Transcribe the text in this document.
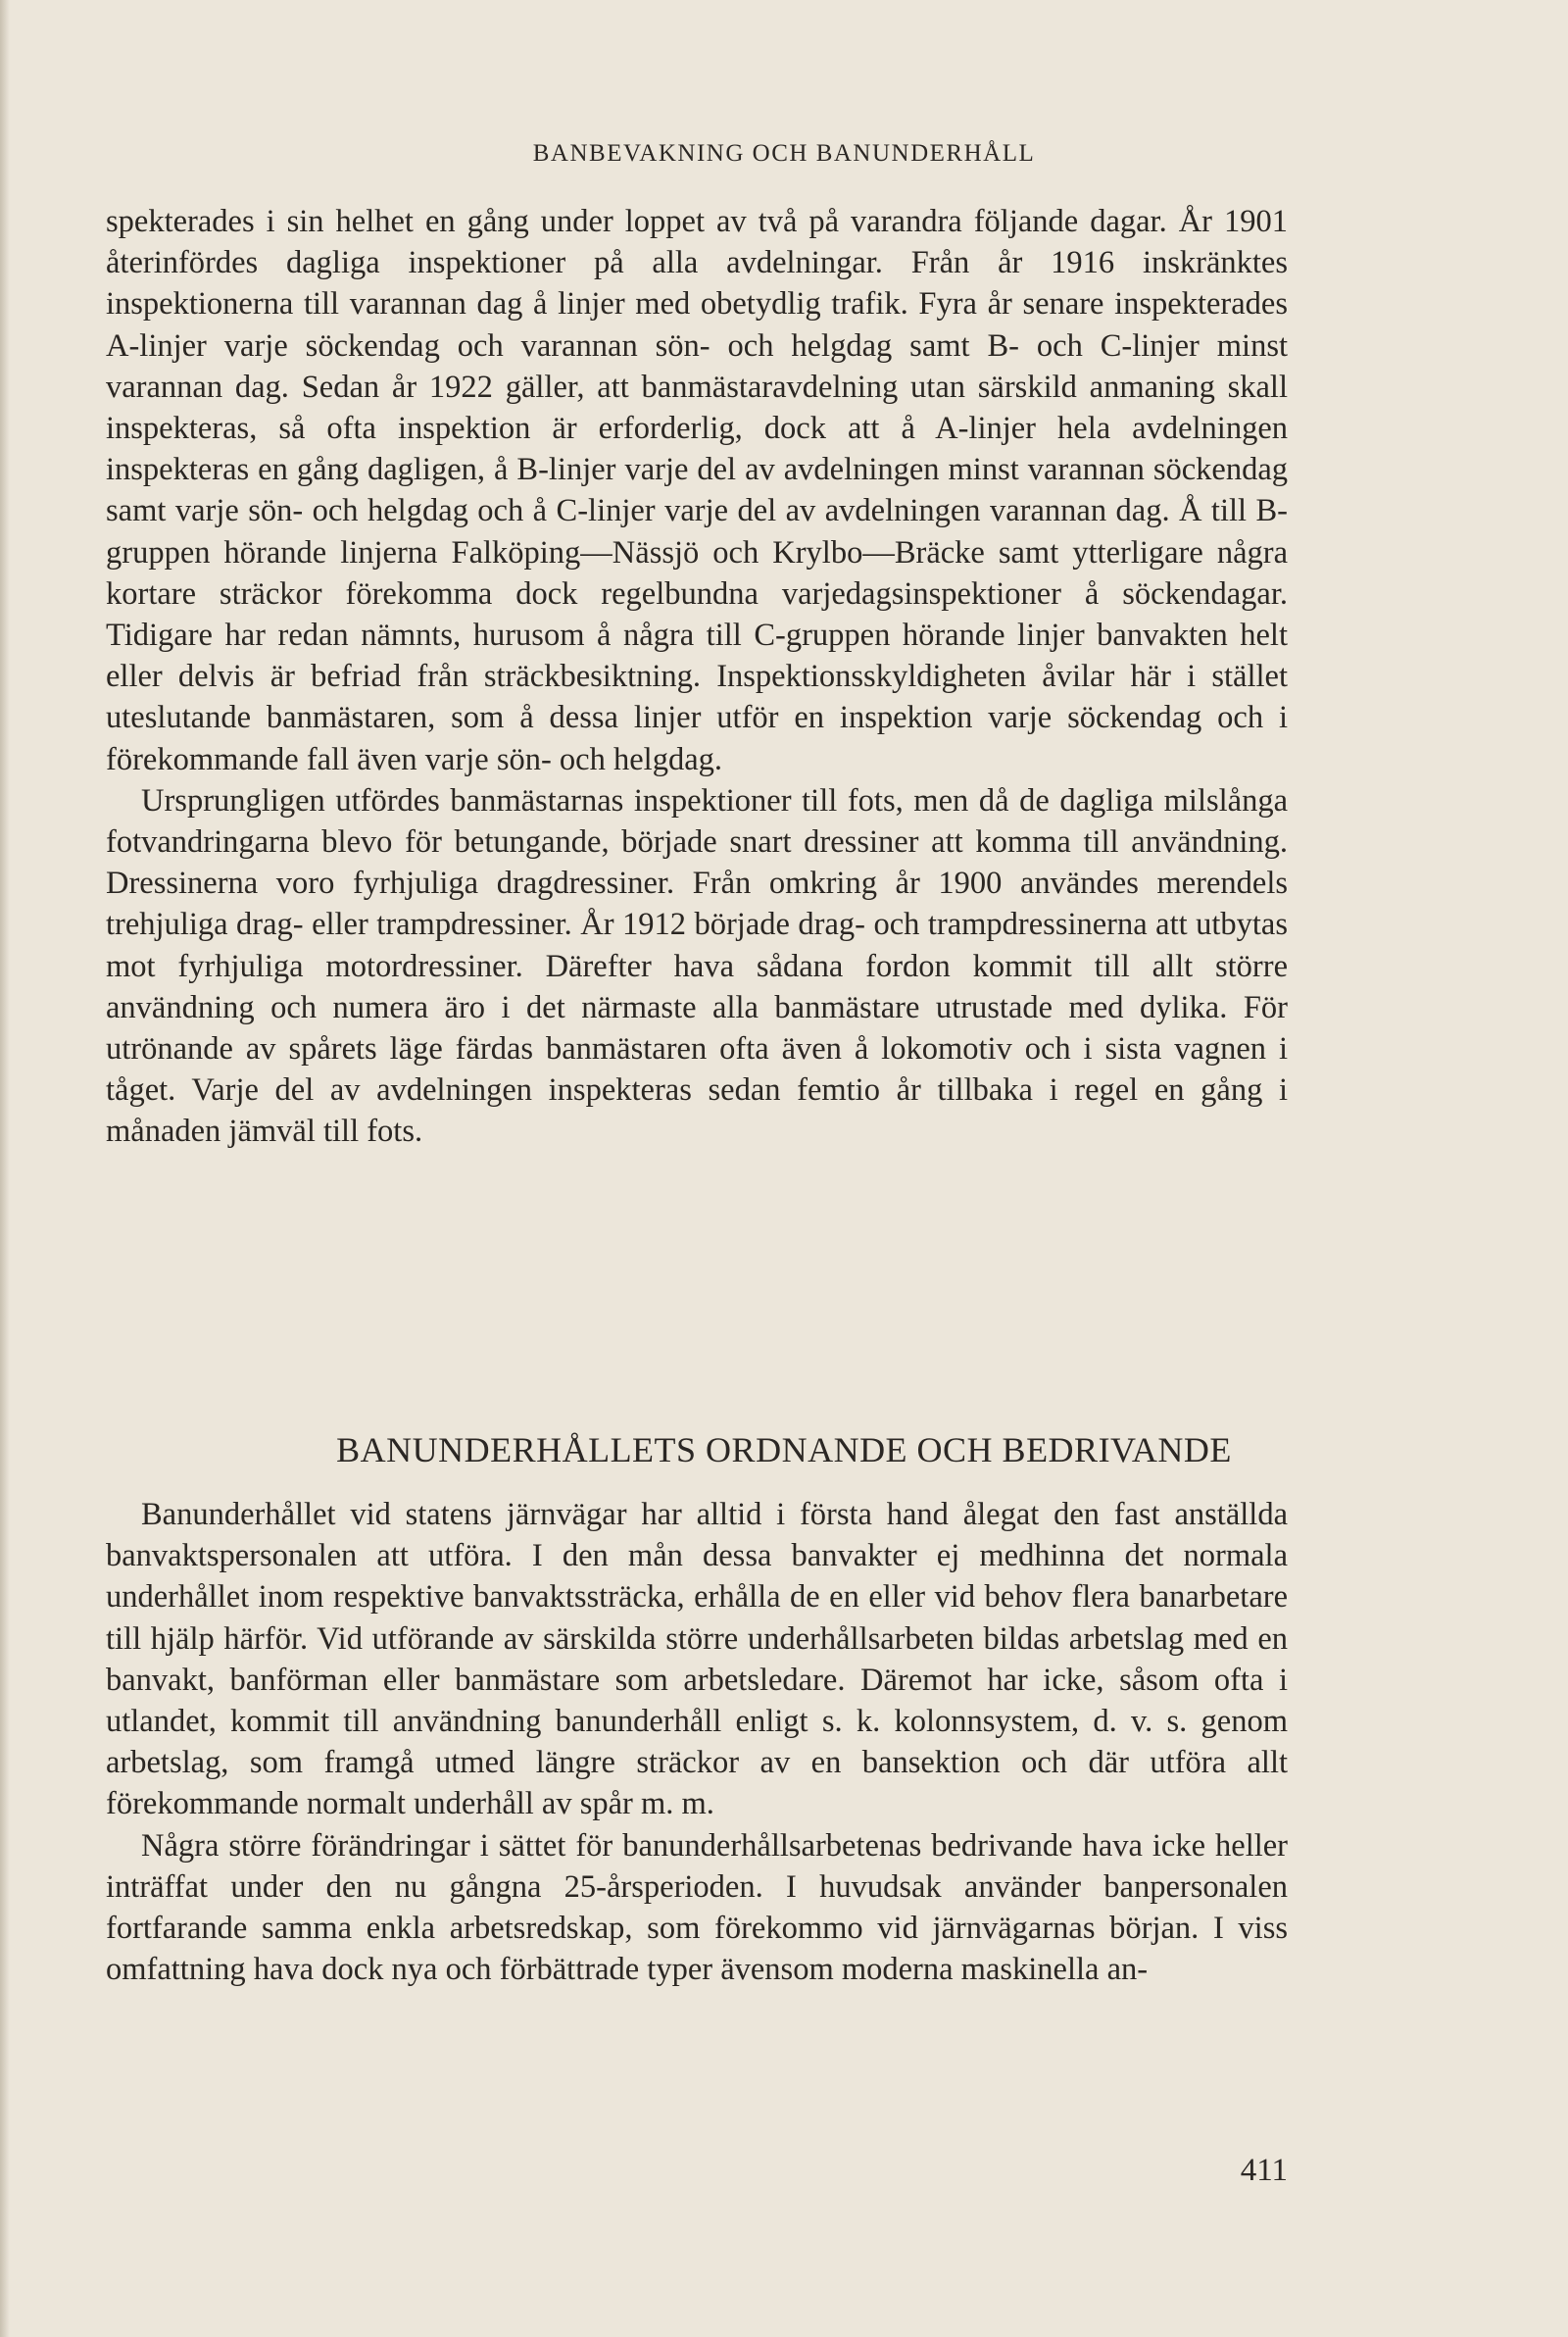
BANBEVAKNING OCH BANUNDERHÅLL

spekterades i sin helhet en gång under loppet av två på varandra följande dagar. År 1901 återinfördes dagliga inspektioner på alla avdelningar. Från år 1916 inskränktes inspektionerna till varannan dag å linjer med obetydlig trafik. Fyra år senare inspekterades A-linjer varje söckendag och varannan sön- och helgdag samt B- och C-linjer minst varannan dag. Sedan år 1922 gäller, att banmästaravdelning utan särskild anmaning skall inspekteras, så ofta inspektion är erforderlig, dock att å A-linjer hela avdelningen inspekteras en gång dagligen, å B-linjer varje del av avdelningen minst varannan söckendag samt varje sön- och helgdag och å C-linjer varje del av avdelningen varannan dag. Å till B-gruppen hörande linjerna Falköping—Nässjö och Krylbo—Bräcke samt ytterligare några kortare sträckor förekomma dock regelbundna varjedagsinspektioner å söckendagar. Tidigare har redan nämnts, hurusom å några till C-gruppen hörande linjer banvakten helt eller delvis är befriad från sträckbesiktning. Inspektionsskyldigheten åvilar här i stället uteslutande banmästaren, som å dessa linjer utför en inspektion varje söckendag och i förekommande fall även varje sön- och helgdag.

Ursprungligen utfördes banmästarnas inspektioner till fots, men då de dagliga milslånga fotvandringarna blevo för betungande, började snart dressiner att komma till användning. Dressinerna voro fyrhjuliga dragdressiner. Från omkring år 1900 användes merendels trehjuliga drag- eller trampdressiner. År 1912 började drag- och trampdressinerna att utbytas mot fyrhjuliga motordressiner. Därefter hava sådana fordon kommit till allt större användning och numera äro i det närmaste alla banmästare utrustade med dylika. För utrönande av spårets läge färdas banmästaren ofta även å lokomotiv och i sista vagnen i tåget. Varje del av avdelningen inspekteras sedan femtio år tillbaka i regel en gång i månaden jämväl till fots.

BANUNDERHÅLLETS ORDNANDE OCH BEDRIVANDE

Banunderhållet vid statens järnvägar har alltid i första hand ålegat den fast anställda banvaktspersonalen att utföra. I den mån dessa banvakter ej medhinna det normala underhållet inom respektive banvaktssträcka, erhålla de en eller vid behov flera banarbetare till hjälp härför. Vid utförande av särskilda större underhållsarbeten bildas arbetslag med en banvakt, banförman eller banmästare som arbetsledare. Däremot har icke, såsom ofta i utlandet, kommit till användning banunderhåll enligt s. k. kolonnsystem, d. v. s. genom arbetslag, som framgå utmed längre sträckor av en bansektion och där utföra allt förekommande normalt underhåll av spår m. m.

Några större förändringar i sättet för banunderhållsarbetenas bedrivande hava icke heller inträffat under den nu gångna 25-årsperioden. I huvudsak använder banpersonalen fortfarande samma enkla arbetsredskap, som förekommo vid järnvägarnas början. I viss omfattning hava dock nya och förbättrade typer ävensom moderna maskinella an-

411
